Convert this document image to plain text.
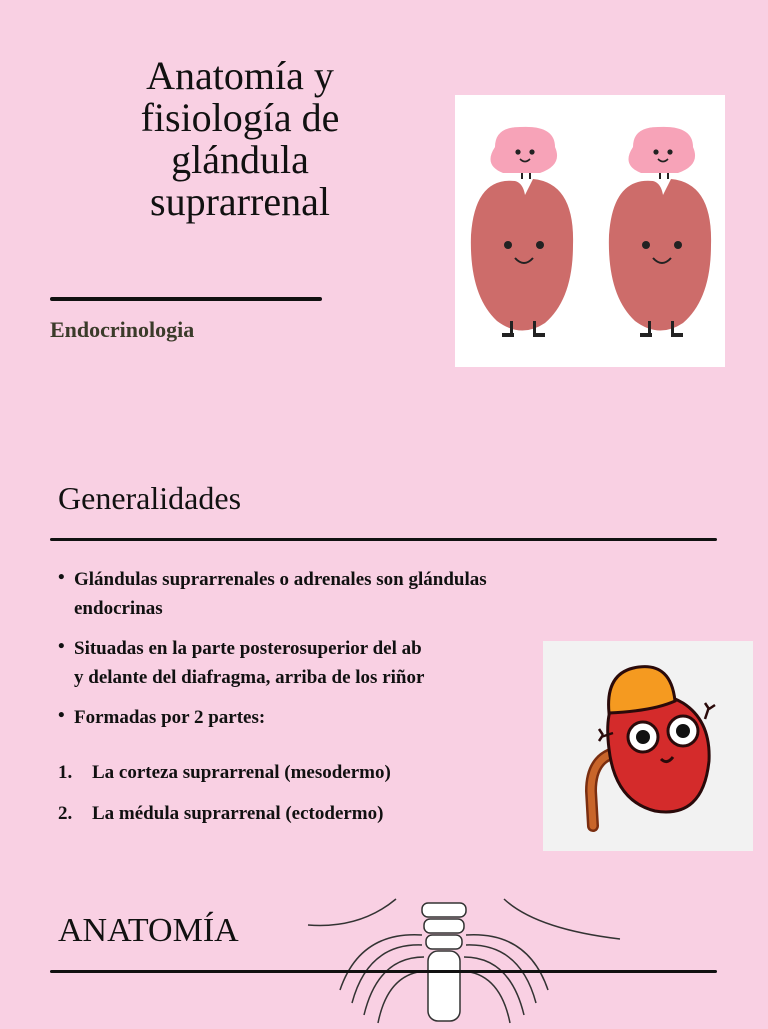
Anatomía y
fisiología de
glándula
suprarrenal
Endocrinologia
Generalidades
• Glándulas suprarrenales o adrenales son glándulas
endocrinas
• Situadas en la parte posterosuperior del ab
y delante del diafragma, arriba de los riñor
• Formadas por 2 partes:
1. La corteza suprarrenal (mesodermo)
2. La médula suprarrenal (ectodermo)
ANATOMÍA
